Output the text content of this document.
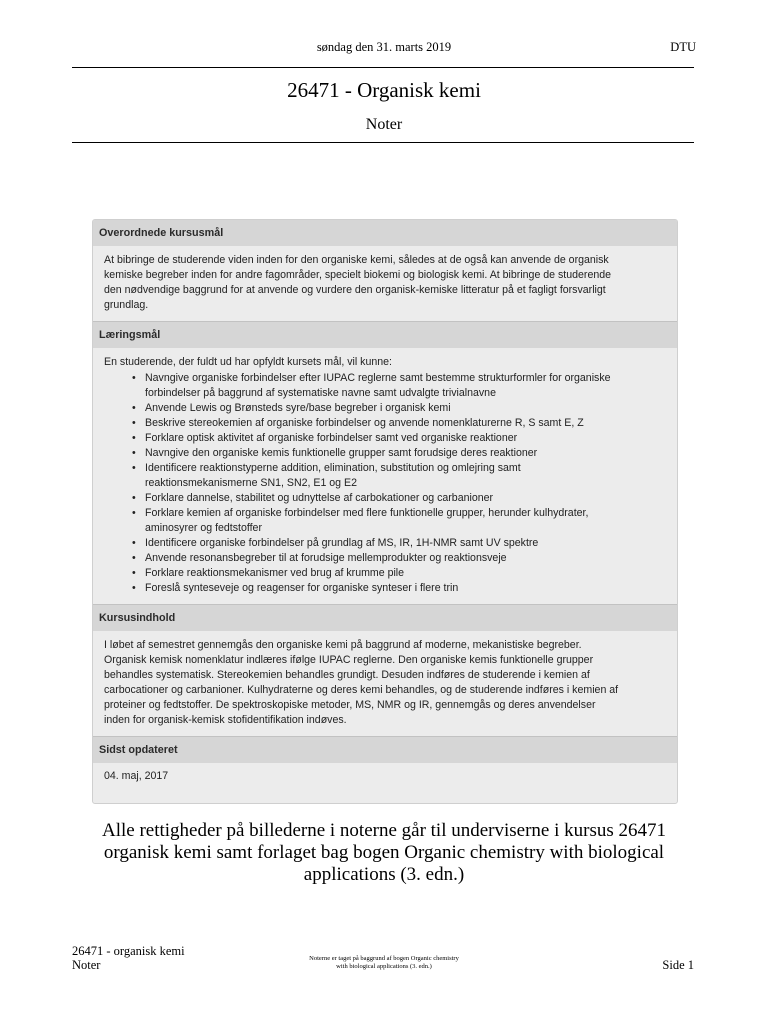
søndag den 31. marts 2019	DTU
26471 - Organisk kemi
Noter
Overordnede kursusmål
At bibringe de studerende viden inden for den organiske kemi, således at de også kan anvende de organisk
kemiske begreber inden for andre fagområder, specielt biokemi og biologisk kemi. At bibringe de studerende
den nødvendige baggrund for at anvende og vurdere den organisk-kemiske litteratur på et fagligt forsvarligt
grundlag.
Læringsmål
En studerende, der fuldt ud har opfyldt kursets mål, vil kunne:
• Navngive organiske forbindelser efter IUPAC reglerne samt bestemme strukturformler for organiske
forbindelser på baggrund af systematiske navne samt udvalgte trivialnavne
• Anvende Lewis og Brønsteds syre/base begreber i organisk kemi
• Beskrive stereokemien af organiske forbindelser og anvende nomenklaturerne R, S samt E, Z
• Forklare optisk aktivitet af organiske forbindelser samt ved organiske reaktioner
• Navngive den organiske kemis funktionelle grupper samt forudsige deres reaktioner
• Identificere reaktionstyperne addition, elimination, substitution og omlejring samt
reaktionsmekanismerne SN1, SN2, E1 og E2
• Forklare dannelse, stabilitet og udnyttelse af carbokationer og carbanioner
• Forklare kemien af organiske forbindelser med flere funktionelle grupper, herunder kulhydrater,
aminosyrer og fedtstoffer
• Identificere organiske forbindelser på grundlag af MS, IR, 1H-NMR samt UV spektre
• Anvende resonansbegreber til at forudsige mellemprodukter og reaktionsveje
• Forklare reaktionsmekanismer ved brug af krumme pile
• Foreslå synteseveje og reagenser for organiske synteser i flere trin
Kursusindhold
I løbet af semestret gennemgås den organiske kemi på baggrund af moderne, mekanistiske begreber.
Organisk kemisk nomenklatur indlæres ifølge IUPAC reglerne. Den organiske kemis funktionelle grupper
behandles systematisk. Stereokemien behandles grundigt. Desuden indføres de studerende i kemien af
carbocationer og carbanioner. Kulhydraterne og deres kemi behandles, og de studerende indføres i kemien af
proteiner og fedtstoffer. De spektroskopiske metoder, MS, NMR og IR, gennemgås og deres anvendelser
inden for organisk-kemisk stofidentifikation indøves.
Sidst opdateret
04. maj, 2017
Alle rettigheder på billederne i noterne går til underviserne i kursus 26471
organisk kemi samt forlaget bag bogen Organic chemistry with biological
applications (3. edn.)
26471 - organisk kemi
Noter	Noterne er taget på baggrund af bogen Organic chemistry
with biological applications (3. edn.)	Side 1
